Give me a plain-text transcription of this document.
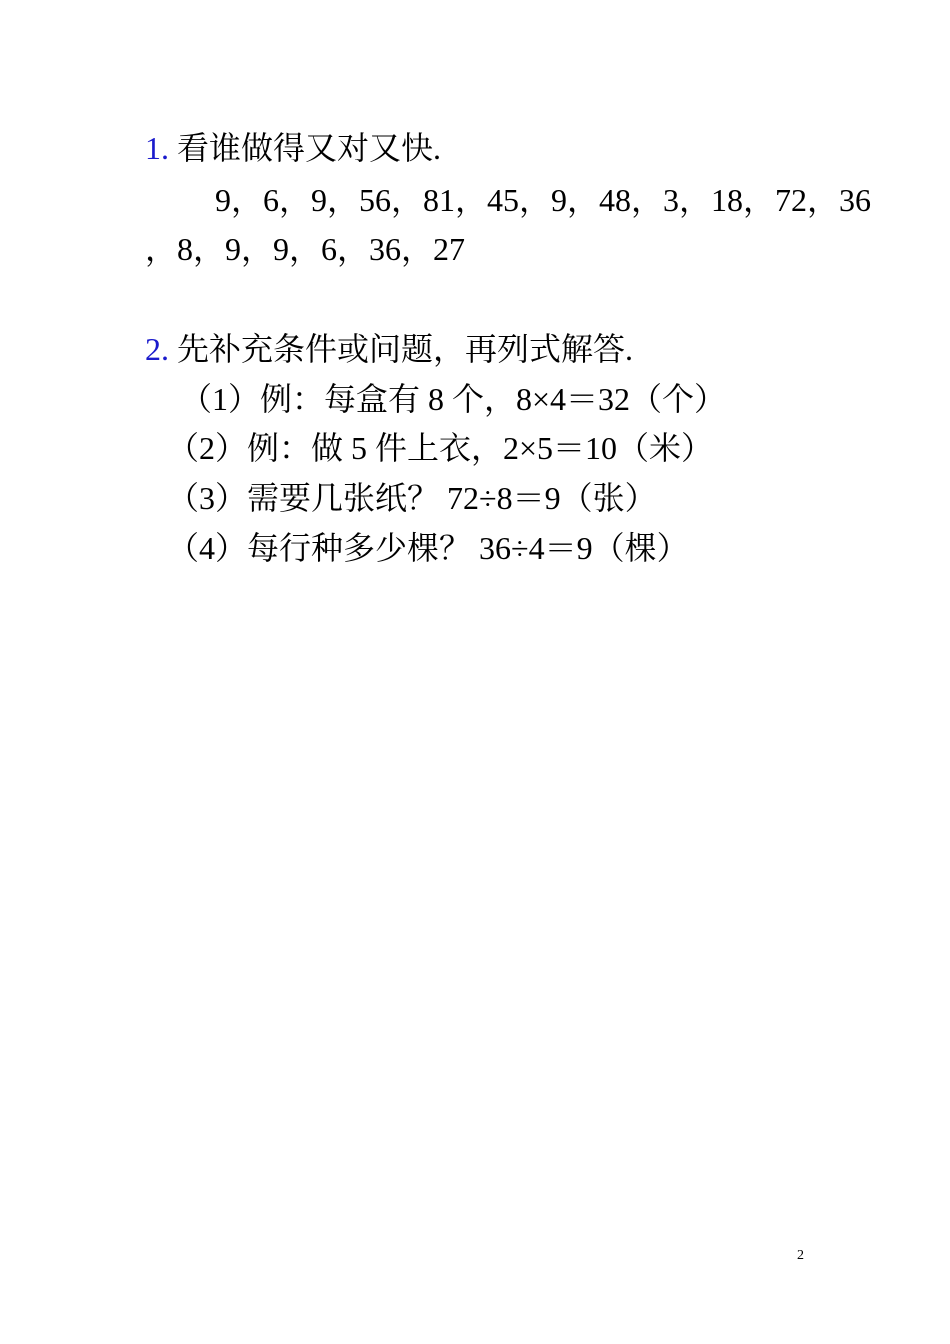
1. 看谁做得又对又快.
9，6，9，56，81，45，9，48，3，18，72，36
，8，9，9，6，36，27
2. 先补充条件或问题，再列式解答.
（1）例：每盒有 8 个，8×4＝32（个）
（2）例：做 5 件上衣，2×5＝10（米）
（3）需要几张纸？ 72÷8＝9（张）
（4）每行种多少棵？ 36÷4＝9（棵）
2
